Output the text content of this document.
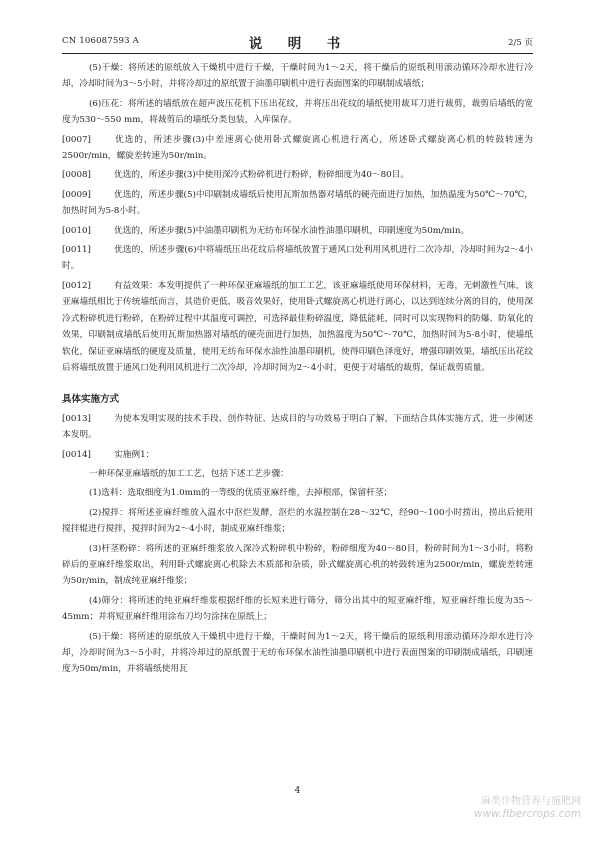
CN 106087593 A	说　明　书	2/5 页

(5)干燥：将所述的原纸放入干燥机中进行干燥，干燥时间为1～2天，将干燥后的原纸利用滚动循环冷却水进行冷却，冷却时间为3～5小时，并将冷却过的原纸置于油墨印刷机中进行表面图案的印刷制成墙纸；

(6)压花：将所述的墙纸放在超声波压花机下压出花纹，并将压出花纹的墙纸使用裁耳刀进行裁剪，裁剪后墙纸的宽度为530～550 mm，将裁剪后的墙纸分类包装，入库保存。

[0007]	优选的，所述步骤(3)中差速离心使用卧式螺旋离心机进行离心，所述卧式螺旋离心机的转鼓转速为2500r/min，螺旋差转速为50r/min。

[0008]	优选的，所述步骤(3)中使用深冷式粉碎机进行粉碎，粉碎细度为40～80目。

[0009]	优选的，所述步骤(5)中印刷制成墙纸后使用瓦斯加热器对墙纸的硬壳面进行加热，加热温度为50℃～70℃，加热时间为5-8小时。

[0010]	优选的，所述步骤(5)中油墨印刷机为无纺布环保水油性油墨印刷机，印刷速度为50m/min。

[0011]	优选的，所述步骤(6)中将墙纸压出花纹后将墙纸放置于通风口处利用风机进行二次冷却，冷却时间为2～4小时。

[0012]	有益效果：本发明提供了一种环保亚麻墙纸的加工工艺，该亚麻墙纸使用环保材料，无毒，无刺激性气味，该亚麻墙纸相比于传统墙纸而言，其造价更低，吸音效果好，使用卧式螺旋离心机进行离心，以达到连续分离的目的，使用深冷式粉碎机进行粉碎，在粉碎过程中其温度可调控，可选择最佳粉碎温度，降低能耗，同时可以实现物料的防爆、防氧化的效果，印刷制成墙纸后使用瓦斯加热器对墙纸的硬壳面进行加热，加热温度为50℃～70℃，加热时间为5-8小时，使墙纸软化，保证亚麻墙纸的硬度及质量，使用无纺布环保水油性油墨印刷机，使得印刷色泽度好，增强印刷效果，墙纸压出花纹后将墙纸放置于通风口处利用风机进行二次冷却，冷却时间为2～4小时，更便于对墙纸的裁剪，保证裁剪质量。

具体实施方式

[0013]	为使本发明实现的技术手段、创作特征、达成目的与功效易于明白了解，下面结合具体实施方式，进一步阐述本发明。

[0014]	实施例1：

一种环保亚麻墙纸的加工工艺，包括下述工艺步骤：

(1)选料：选取细度为1.0mm的一等级的优质亚麻纤维，去掉根部，保留杆茎；

(2)搅拌：将所述亚麻纤维放入温水中沤烂发酵，沤烂的水温控制在28～32℃，经90～100小时捞出，捞出后使用搅拌辊进行搅拌，搅拌时间为2～4小时，制成亚麻纤维浆；

(3)杆茎粉碎：将所述的亚麻纤维浆放入深冷式粉碎机中粉碎，粉碎细度为40～80目，粉碎时间为1～3小时，将粉碎后的亚麻纤维浆取出，利用卧式螺旋离心机除去木质部和杂质，卧式螺旋离心机的转鼓转速为2500r/min，螺旋差转速为50r/min，制成纯亚麻纤维浆；

(4)筛分：将所述的纯亚麻纤维浆根据纤维的长短来进行筛分，筛分出其中的短亚麻纤维，短亚麻纤维长度为35～45mm；并将短亚麻纤维用涂布刀均匀涂抹在原纸上；

(5)干燥：将所述的原纸放入干燥机中进行干燥，干燥时间为1～2天，将干燥后的原纸利用滚动循环冷却水进行冷却，冷却时间为3～5小时，并将冷却过的原纸置于无纺布环保水油性油墨印刷机中进行表面图案的印刷制成墙纸，印刷速度为50m/min，并将墙纸使用瓦

4
麻类作物营养与施肥网
www.fibercrops.com
